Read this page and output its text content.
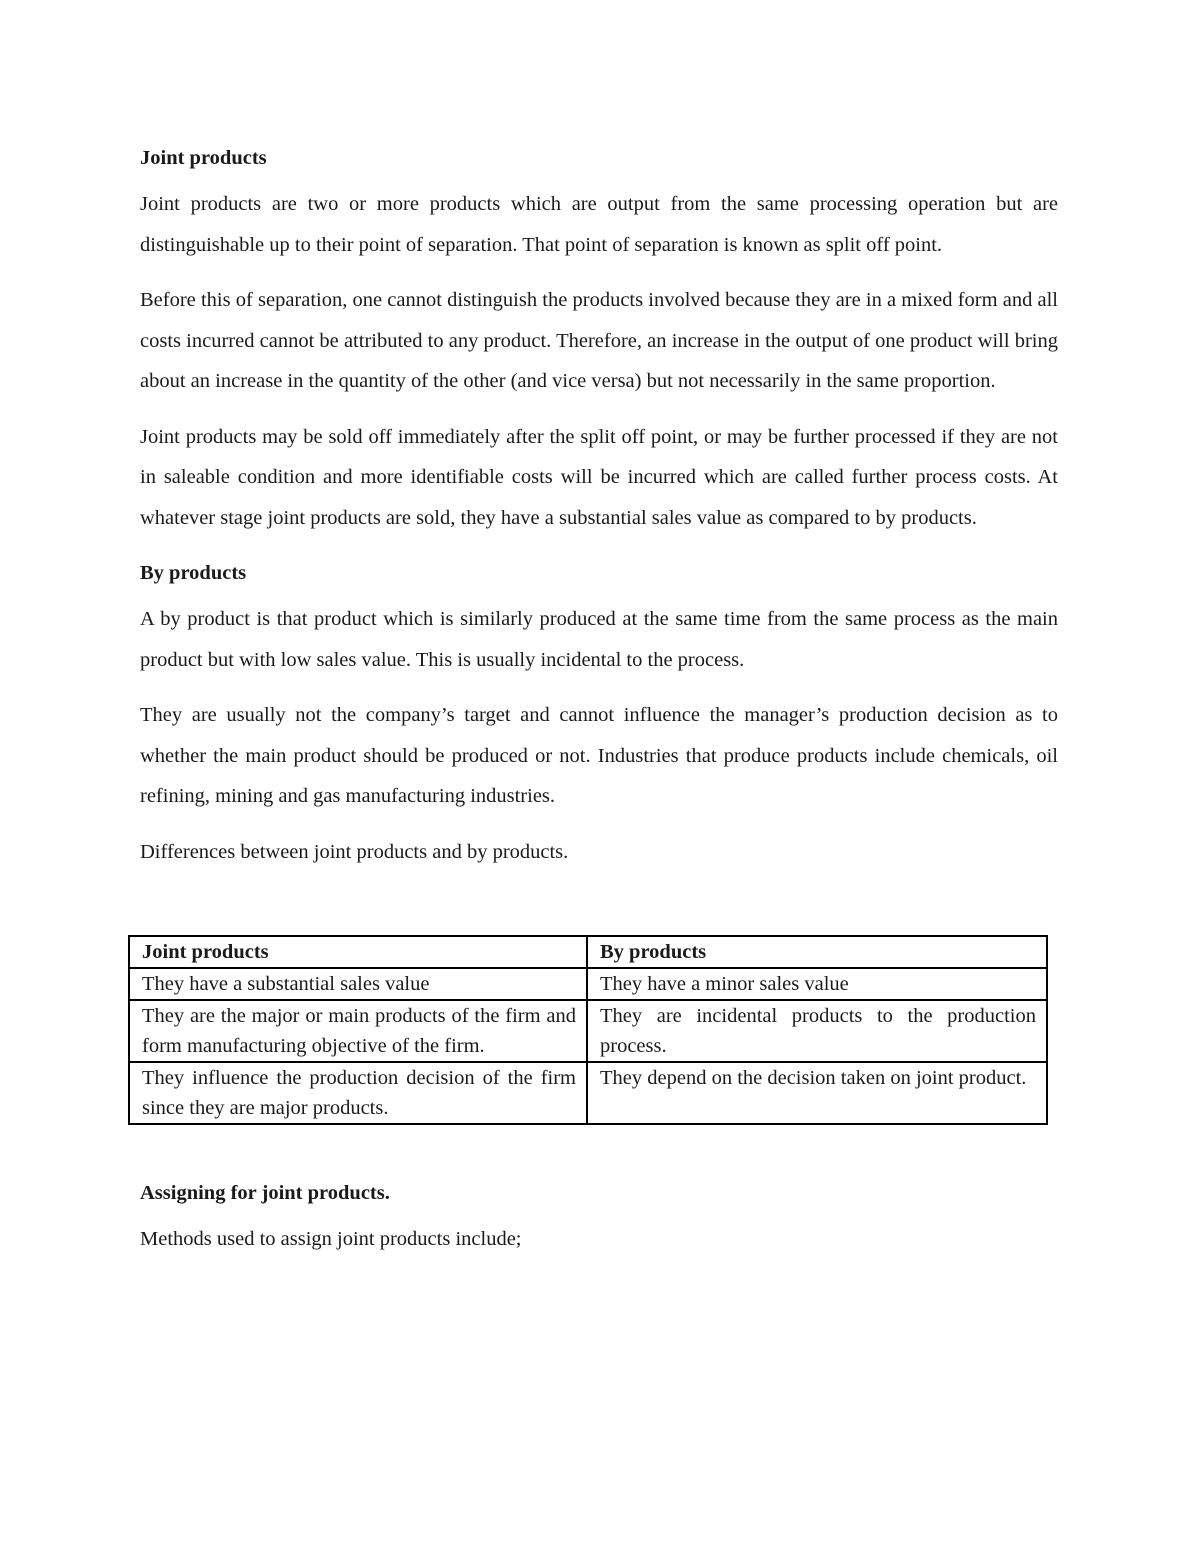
Joint products

Joint products are two or more products which are output from the same processing operation but are distinguishable up to their point of separation. That point of separation is known as split off point.

Before this of separation, one cannot distinguish the products involved because they are in a mixed form and all costs incurred cannot be attributed to any product. Therefore, an increase in the output of one product will bring about an increase in the quantity of the other (and vice versa) but not necessarily in the same proportion.

Joint products may be sold off immediately after the split off point, or may be further processed if they are not in saleable condition and more identifiable costs will be incurred which are called further process costs. At whatever stage joint products are sold, they have a substantial sales value as compared to by products.

By products

A by product is that product which is similarly produced at the same time from the same process as the main product but with low sales value. This is usually incidental to the process.

They are usually not the company’s target and cannot influence the manager’s production decision as to whether the main product should be produced or not. Industries that produce products include chemicals, oil refining, mining and gas manufacturing industries.

Differences between joint products and by products.

Joint products	By products
They have a substantial sales value	They have a minor sales value
They are the major or main products of the firm and form manufacturing objective of the firm.	They are incidental products to the production process.
They influence the production decision of the firm since they are major products.	They depend on the decision taken on joint product.
Assigning for joint products.

Methods used to assign joint products include;
